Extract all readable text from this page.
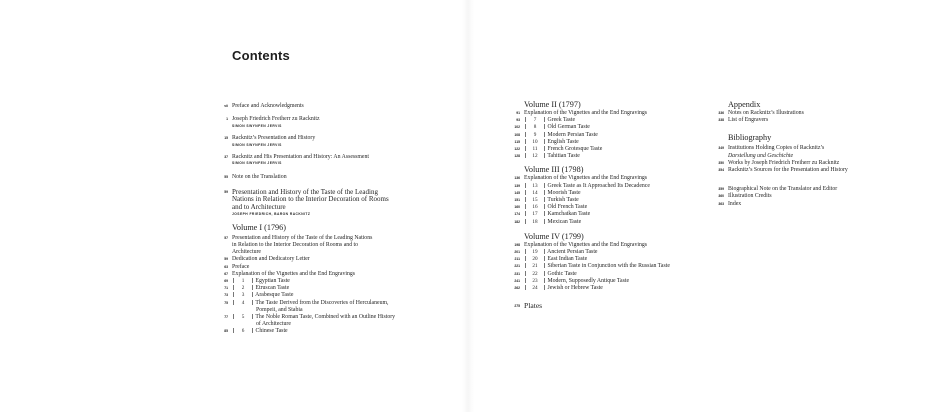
Contents
vii Preface and Acknowledgments
1 Joseph Friedrich Freiherr zu Racknitz
SIMON SWYNFEN JERVIS
15 Racknitz’s Presentation and History
SIMON SWYNFEN JERVIS
37 Racknitz and His Presentation and History: An Assessment
SIMON SWYNFEN JERVIS
55 Note on the Translation
59 Presentation and History of the Taste of the Leading
Nations in Relation to the Interior Decoration of Rooms
and to Architecture
JOSEPH FRIEDRICH, BARON RACKNITZ
Volume I (1796)
57 Presentation and History of the Taste of the Leading Nations
in Relation to the Interior Decoration of Rooms and to
Architecture
59 Dedication and Dedicatory Letter
63 Preface
67 Explanation of the Vignettes and the End Engravings
69	1 Egyptian Taste
71	2 Etruscan Taste
73	3 Arabesque Taste
75	4 The Taste Derived from the Discoveries of Herculaneum,
Pompeii, and Stabia
77	5 The Noble Roman Taste, Combined with an Outline History
of Architecture
85	6 Chinese Taste
Volume II (1797)
91 Explanation of the Vignettes and the End Engravings
93	7 Greek Taste
102	8 Old German Taste
108	9 Modern Persian Taste
115 10 English Taste
122 11 French Grotesque Taste
128 12 Tahitian Taste
Volume III (1798)
136 Explanation of the Vignettes and the End Engravings
139 13 Greek Taste as It Approached Its Decadence
145 14 Moorish Taste
151 15 Turkish Taste
160 16 Old French Taste
174 17 Kamchatkan Taste
182 18 Mexican Taste
Volume IV (1799)
198 Explanation of the Vignettes and the End Engravings
201 19 Ancient Persian Taste
211 20 East Indian Taste
221 21 Siberian Taste in Conjunction with the Russian Taste
231 22 Gothic Taste
241 23 Modern, Supposedly Antique Taste
262 24 Jewish or Hebrew Taste
275 Plates
Appendix
336 Notes on Racknitz’s Illustrations
338 List of Engravers
Bibliography
349 Institutions Holding Copies of Racknitz’s
Darstellung und Geschichte
350 Works by Joseph Friedrich Freiherr zu Racknitz
354 Racknitz’s Sources for the Presentation and History
359 Biographical Note on the Translator and Editor
360 Illustration Credits
363 Index
